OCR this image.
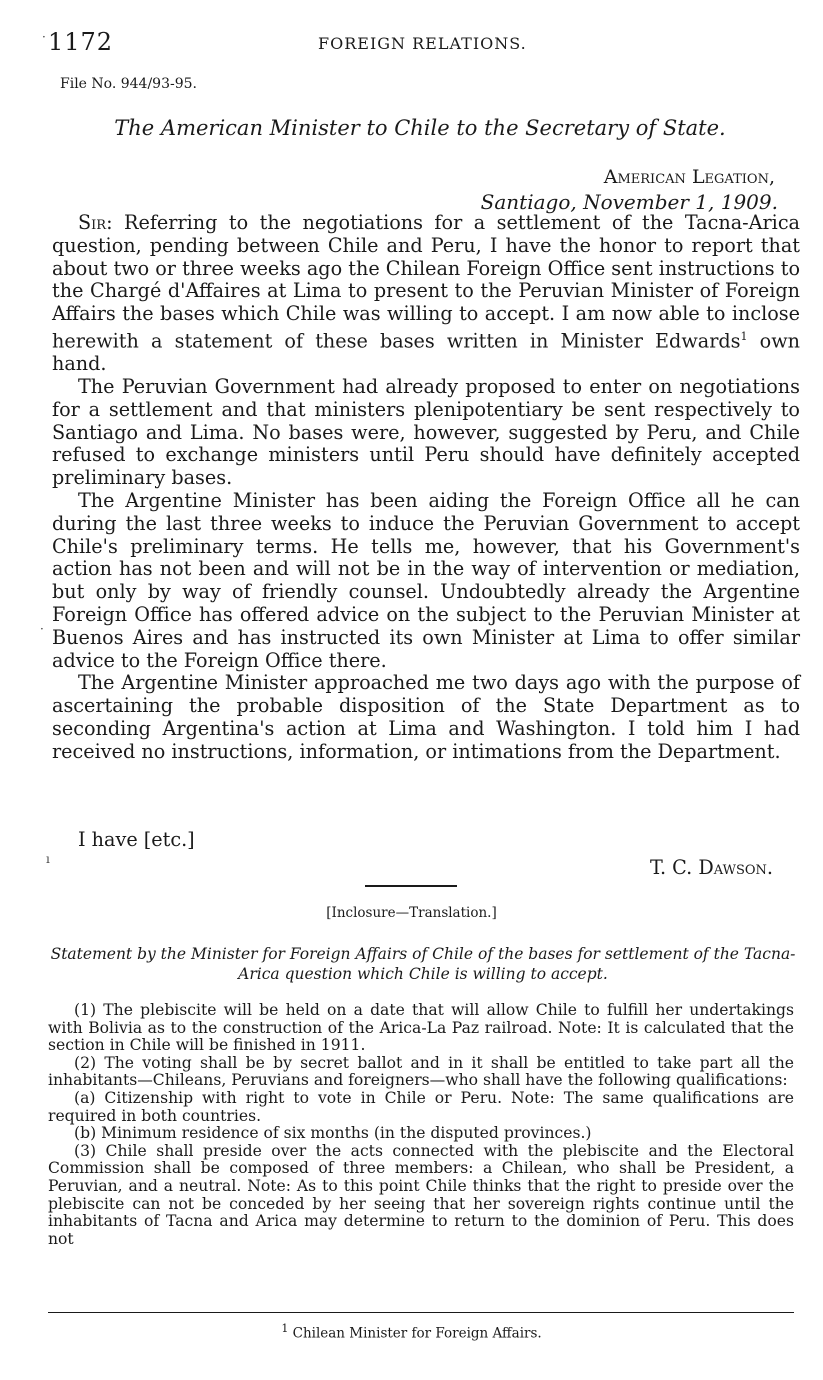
1172	FOREIGN RELATIONS.
File No. 944/93-95.
The American Minister to Chile to the Secretary of State.
American Legation,
Santiago, November 1, 1909.

Sir: Referring to the negotiations for a settlement of the Tacna-Arica question, pending between Chile and Peru, I have the honor to report that about two or three weeks ago the Chilean Foreign Office sent instructions to the Chargé d'Affaires at Lima to present to the Peruvian Minister of Foreign Affairs the bases which Chile was willing to accept. I am now able to inclose herewith a statement of these bases written in Minister Edwards$^1$ own hand.

The Peruvian Government had already proposed to enter on negotiations for a settlement and that ministers plenipotentiary be sent respectively to Santiago and Lima. No bases were, however, suggested by Peru, and Chile refused to exchange ministers until Peru should have definitely accepted preliminary bases.

The Argentine Minister has been aiding the Foreign Office all he can during the last three weeks to induce the Peruvian Government to accept Chile's preliminary terms. He tells me, however, that his Government's action has not been and will not be in the way of intervention or mediation, but only by way of friendly counsel. Undoubtedly already the Argentine Foreign Office has offered advice on the subject to the Peruvian Minister at Buenos Aires and has instructed its own Minister at Lima to offer similar advice to the Foreign Office there.

The Argentine Minister approached me two days ago with the purpose of ascertaining the probable disposition of the State Department as to seconding Argentina's action at Lima and Washington. I told him I had received no instructions, information, or intimations from the Department.

I have [etc.]
T. C. Dawson.
[Inclosure—Translation.]
Statement by the Minister for Foreign Affairs of Chile of the bases for settlement of the Tacna-Arica question which Chile is willing to accept.

(1) The plebiscite will be held on a date that will allow Chile to fulfill her undertakings with Bolivia as to the construction of the Arica-La Paz railroad. Note: It is calculated that the section in Chile will be finished in 1911.

(2) The voting shall be by secret ballot and in it shall be entitled to take part all the inhabitants—Chileans, Peruvians and foreigners—who shall have the following qualifications:

(a) Citizenship with right to vote in Chile or Peru. Note: The same qualifications are required in both countries.

(b) Minimum residence of six months (in the disputed provinces.)

(3) Chile shall preside over the acts connected with the plebiscite and the Electoral Commission shall be composed of three members: a Chilean, who shall be President, a Peruvian, and a neutral. Note: As to this point Chile thinks that the right to preside over the plebiscite can not be conceded by her seeing that her sovereign rights continue until the inhabitants of Tacna and Arica may determine to return to the dominion of Peru. This does not

$^1$ Chilean Minister for Foreign Affairs.
·
·
ı
